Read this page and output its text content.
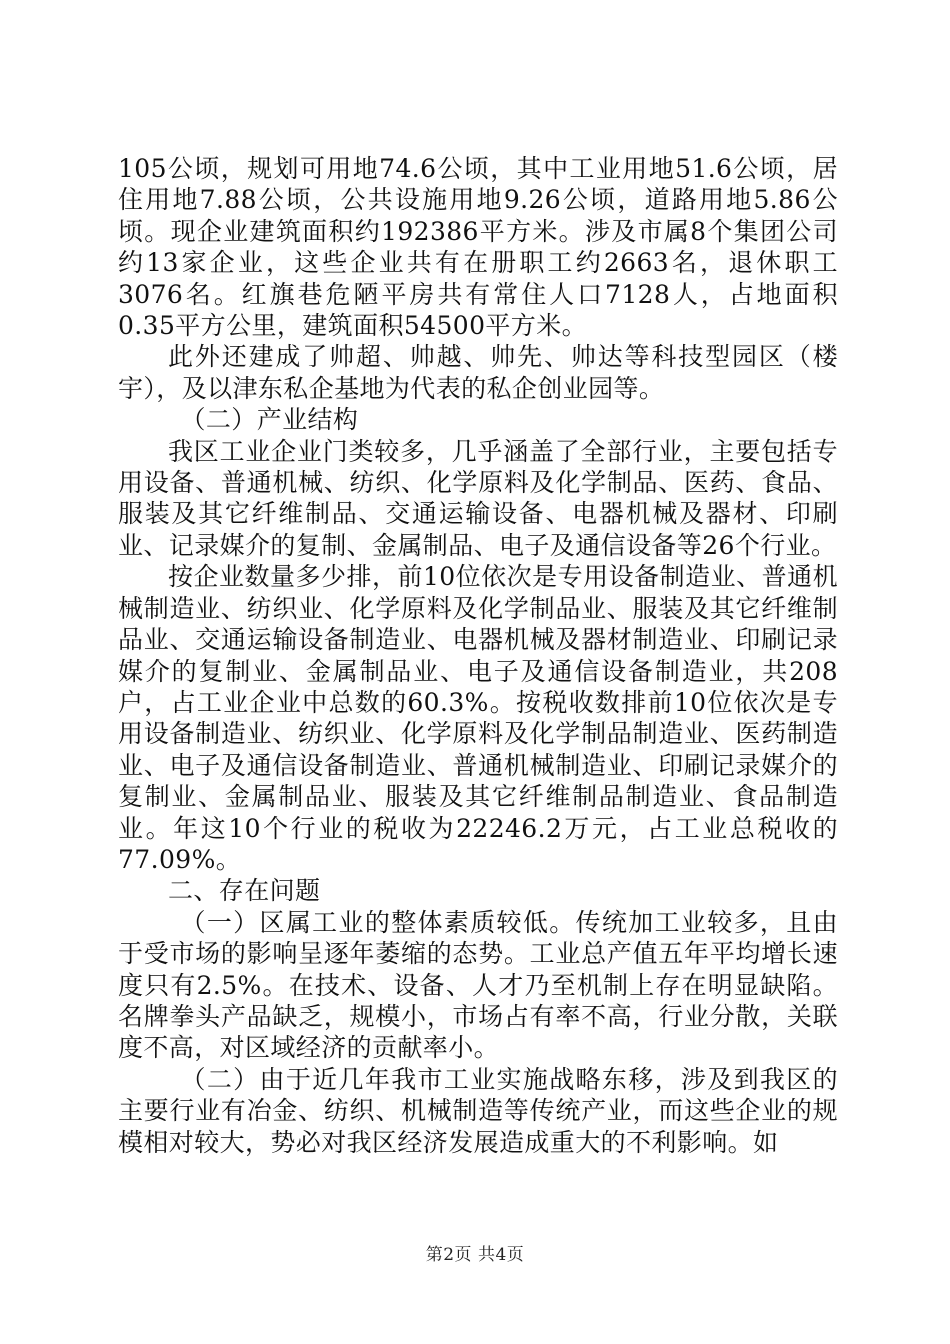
105公顷，规划可用地74.6公顷，其中工业用地51.6公顷，居住用地7.88公顷，公共设施用地9.26公顷，道路用地5.86公顷。现企业建筑面积约192386平方米。涉及市属8个集团公司约13家企业，这些企业共有在册职工约2663名，退休职工3076名。红旗巷危陋平房共有常住人口7128人，占地面积0.35平方公里，建筑面积54500平方米。

此外还建成了帅超、帅越、帅先、帅达等科技型园区（楼宇），及以津东私企基地为代表的私企创业园等。

（二）产业结构

我区工业企业门类较多，几乎涵盖了全部行业，主要包括专用设备、普通机械、纺织、化学原料及化学制品、医药、食品、服装及其它纤维制品、交通运输设备、电器机械及器材、印刷业、记录媒介的复制、金属制品、电子及通信设备等26个行业。

按企业数量多少排，前10位依次是专用设备制造业、普通机械制造业、纺织业、化学原料及化学制品业、服装及其它纤维制品业、交通运输设备制造业、电器机械及器材制造业、印刷记录媒介的复制业、金属制品业、电子及通信设备制造业，共208户，占工业企业中总数的60.3%。按税收数排前10位依次是专用设备制造业、纺织业、化学原料及化学制品制造业、医药制造业、电子及通信设备制造业、普通机械制造业、印刷记录媒介的复制业、金属制品业、服装及其它纤维制品制造业、食品制造业。年这10个行业的税收为22246.2万元，占工业总税收的77.09%。

二、存在问题

（一）区属工业的整体素质较低。传统加工业较多，且由于受市场的影响呈逐年萎缩的态势。工业总产值五年平均增长速度只有2.5%。在技术、设备、人才乃至机制上存在明显缺陷。名牌拳头产品缺乏，规模小，市场占有率不高，行业分散，关联度不高，对区域经济的贡献率小。

（二）由于近几年我市工业实施战略东移，涉及到我区的主要行业有冶金、纺织、机械制造等传统产业，而这些企业的规模相对较大，势必对我区经济发展造成重大的不利影响。如

第2页 共4页
